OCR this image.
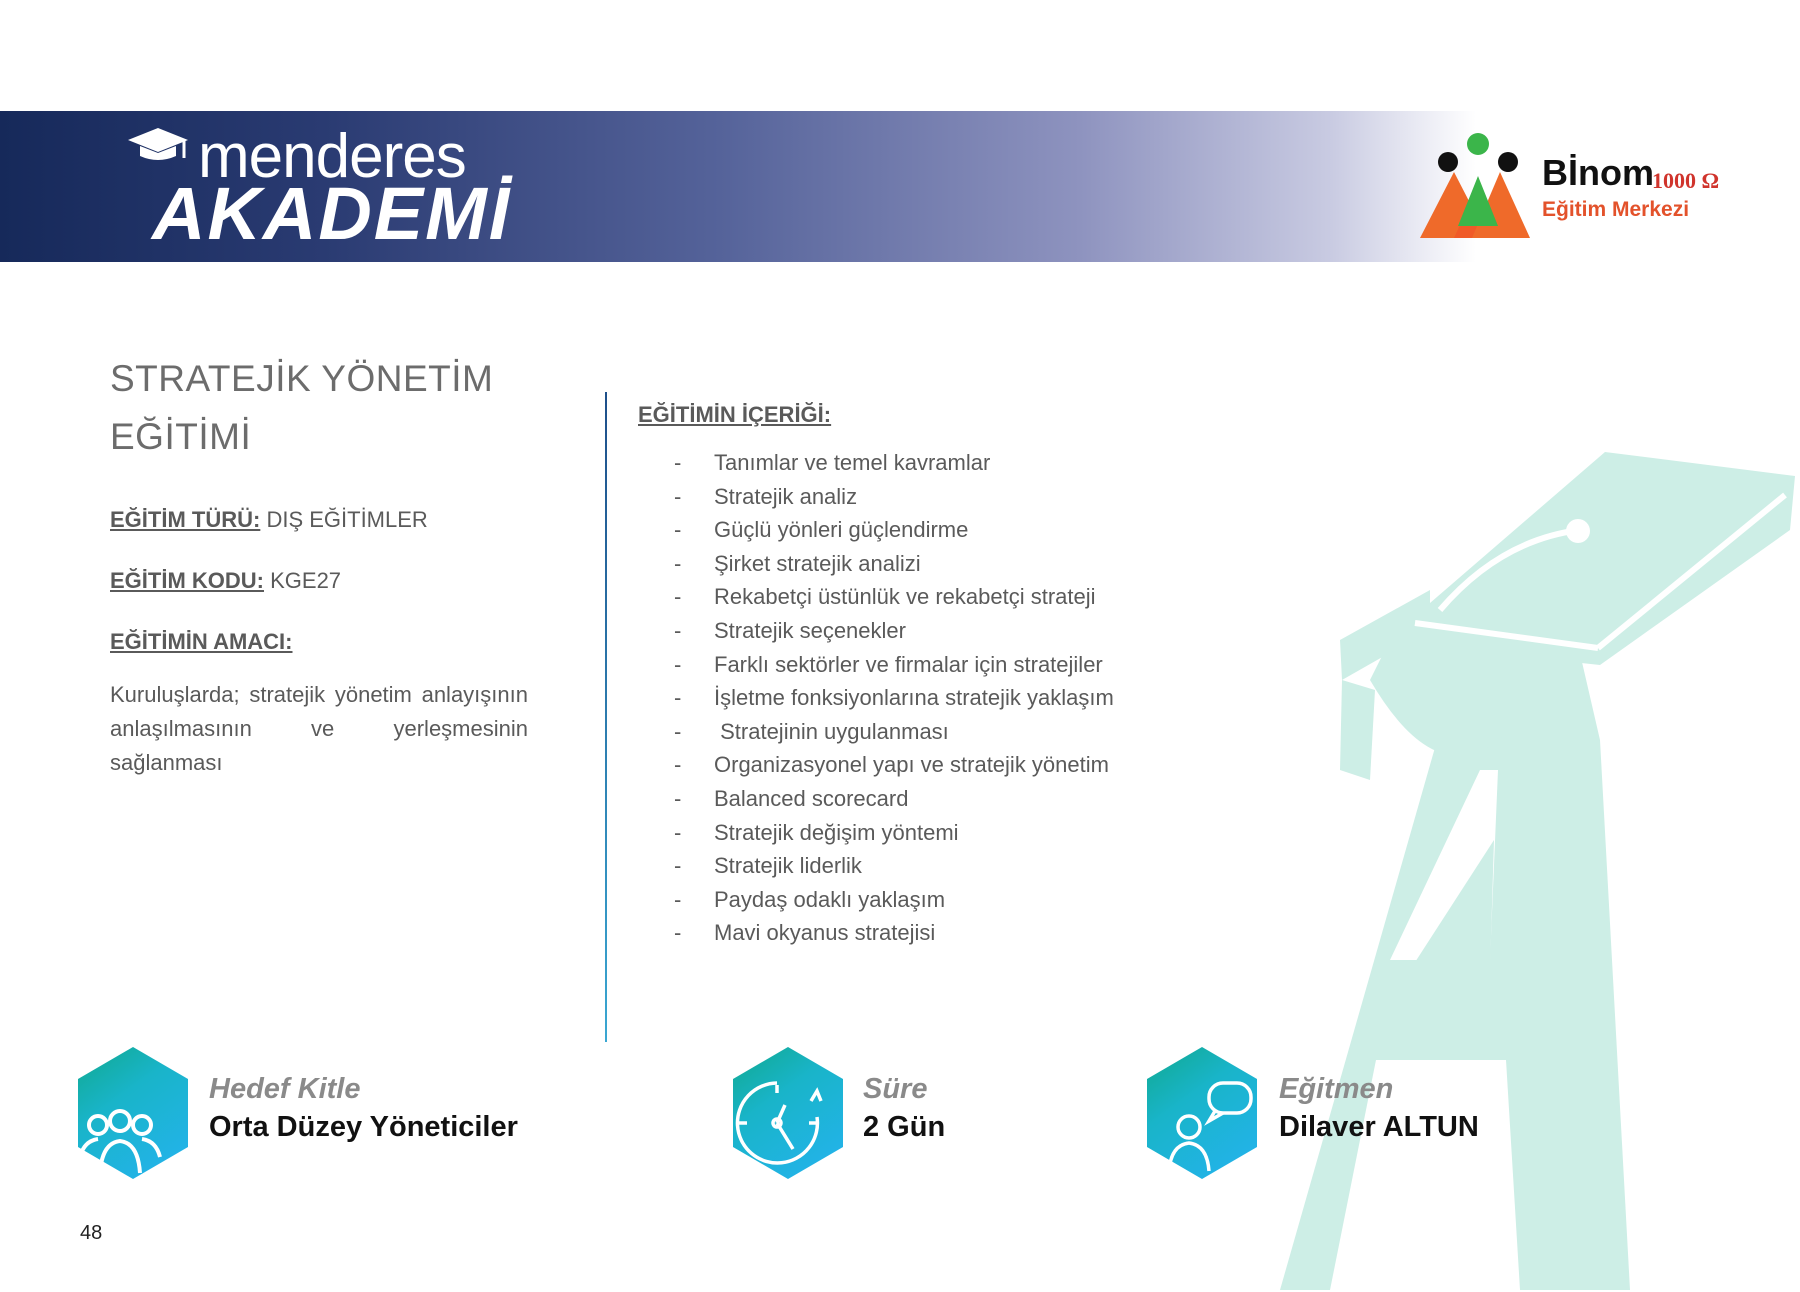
menderes
AKADEMİ	Bİnom
1000 Ω
Eğitim Merkezi
STRATEJİK YÖNETİM
EĞİTİMİ
EĞİTİM TÜRÜ: DIŞ EĞİTİMLER
EĞİTİM KODU: KGE27
EĞİTİMİN AMACI:
Kuruluşlarda; stratejik yönetim anlayışının anlaşılmasının ve yerleşmesinin sağlanması
EĞİTİMİN İÇERİĞİ:
- Tanımlar ve temel kavramlar
- Stratejik analiz
- Güçlü yönleri güçlendirme
- Şirket stratejik analizi
- Rekabetçi üstünlük ve rekabetçi strateji
- Stratejik seçenekler
- Farklı sektörler ve firmalar için stratejiler
- İşletme fonksiyonlarına stratejik yaklaşım
- Stratejinin uygulanması
- Organizasyonel yapı ve stratejik yönetim
- Balanced scorecard
- Stratejik değişim yöntemi
- Stratejik liderlik
- Paydaş odaklı yaklaşım
- Mavi okyanus stratejisi
Hedef Kitle
Orta Düzey Yöneticiler
Süre
2 Gün
Eğitmen
Dilaver ALTUN
48
